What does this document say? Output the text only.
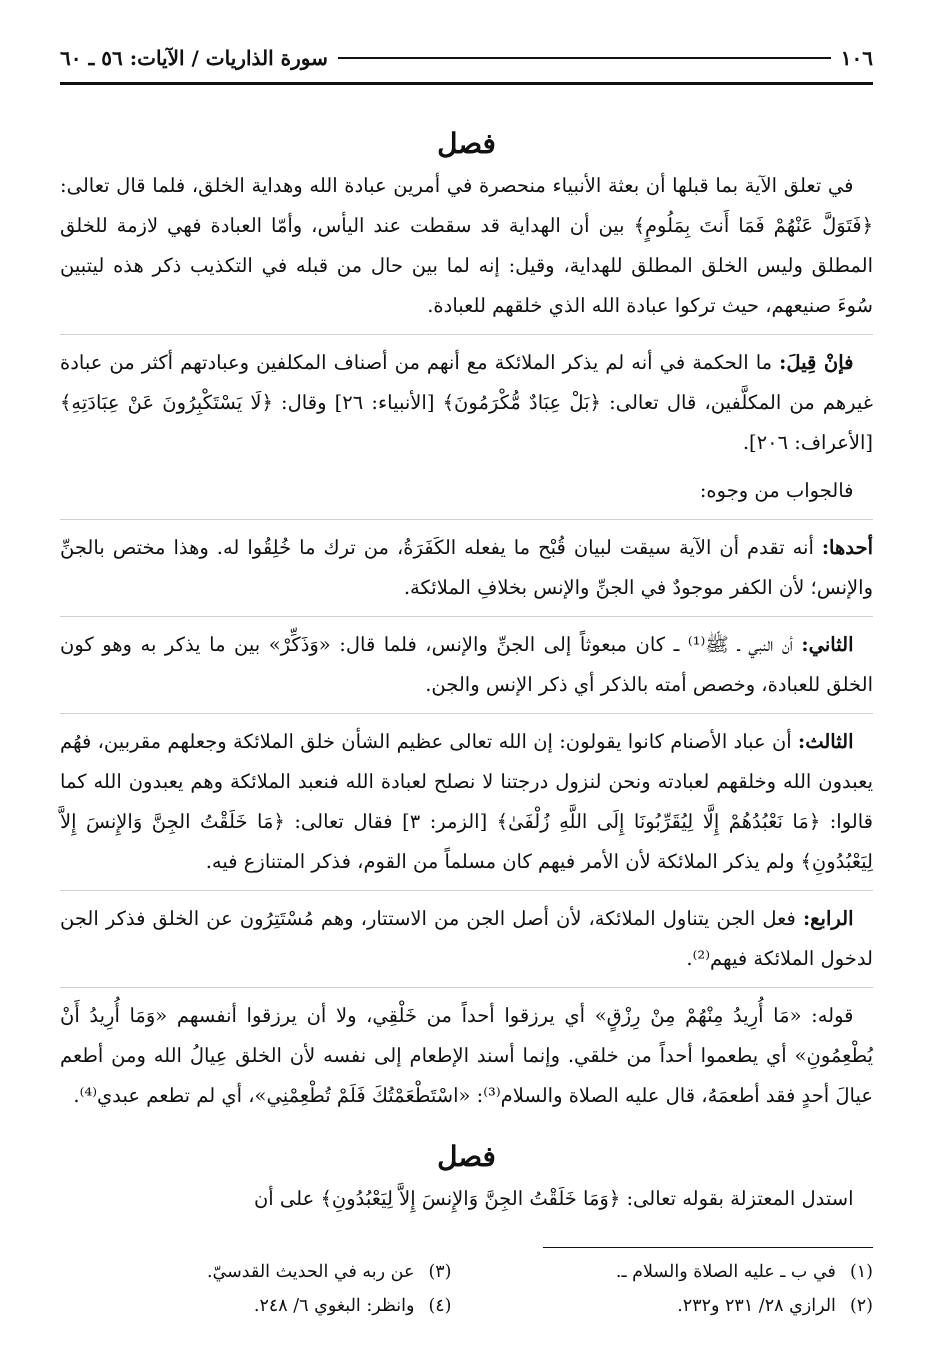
١٠٦
سورة الذاريات / الآيات: ٥٦ ـ ٦٠
فصل

في تعلق الآية بما قبلها أن بعثة الأنبياء منحصرة في أمرين عبادة الله وهداية الخلق، فلما قال تعالى: ﴿فَتَوَلَّ عَنْهُمْ فَمَا أَنتَ بِمَلُومٍ﴾ بين أن الهداية قد سقطت عند اليأس، وأمّا العبادة فهي لازمة للخلق المطلق وليس الخلق المطلق للهداية، وقيل: إنه لما بين حال من قبله في التكذيب ذكر هذه ليتبين سُوءَ صنيعهم، حيث تركوا عبادة الله الذي خلقهم للعبادة.

فإنْ قِيلَ: ما الحكمة في أنه لم يذكر الملائكة مع أنهم من أصناف المكلفين وعبادتهم أكثر من عبادة غيرهم من المكلَّفين، قال تعالى: ﴿بَلْ عِبَادٌ مُّكْرَمُونَ﴾ [الأنبياء: ٢٦] وقال: ﴿لَا يَسْتَكْبِرُونَ عَنْ عِبَادَتِهِ﴾ [الأعراف: ٢٠٦].

فالجواب من وجوه:

أحدها: أنه تقدم أن الآية سيقت لبيان قُبْح ما يفعله الكَفَرَةُ، من ترك ما خُلِقُوا له. وهذا مختص بالجنِّ والإنس؛ لأن الكفر موجودٌ في الجنِّ والإنس بخلافِ الملائكة.

الثاني: أن النبي ـ ﷺ⁽¹⁾ ـ كان مبعوثاً إلى الجنِّ والإنس، فلما قال: «وَذَكِّرْ» بين ما يذكر به وهو كون الخلق للعبادة، وخصص أمته بالذكر أي ذكر الإنس والجن.

الثالث: أن عباد الأصنام كانوا يقولون: إن الله تعالى عظيم الشأن خلق الملائكة وجعلهم مقربين، فهُم يعبدون الله وخلقهم لعبادته ونحن لنزول درجتنا لا نصلح لعبادة الله فنعبد الملائكة وهم يعبدون الله كما قالوا: ﴿مَا نَعْبُدُهُمْ إِلَّا لِيُقَرِّبُونَا إِلَى اللَّهِ زُلْفَىٰ﴾ [الزمر: ٣] فقال تعالى: ﴿مَا خَلَقْتُ الجِنَّ وَالإِنسَ إِلاَّ لِيَعْبُدُونِ﴾ ولم يذكر الملائكة لأن الأمر فيهم كان مسلماً من القوم، فذكر المتنازع فيه.

الرابع: فعل الجن يتناول الملائكة، لأن أصل الجن من الاستتار، وهم مُسْتَتِرُون عن الخلق فذكر الجن لدخول الملائكة فيهم⁽²⁾.

قوله: «مَا أُرِيدُ مِنْهُمْ مِنْ رِزْقٍ» أي يرزقوا أحداً من خَلْقِي، ولا أن يرزقوا أنفسهم «وَمَا أُرِيدُ أَنْ يُطْعِمُونِ» أي يطعموا أحداً من خلقي. وإنما أسند الإطعام إلى نفسه لأن الخلق عِيالُ الله ومن أطعم عيالَ أحدٍ فقد أطعمَهُ، قال عليه الصلاة والسلام⁽³⁾: «اسْتَطْعَمْتُكَ فَلَمْ تُطْعِمْنِي»، أي لم تطعم عبدي⁽⁴⁾.

فصل

استدل المعتزلة بقوله تعالى: ﴿وَمَا خَلَقْتُ الجِنَّ وَالإِنسَ إِلاَّ لِيَعْبُدُونِ﴾ على أن

(١)في ب ـ عليه الصلاة والسلام ـ.
(٣)عن ربه في الحديث القدسيّ.
(٢)الرازي ٢٨/ ٢٣١ و٢٣٢.
(٤)وانظر: البغوي ٦/ ٢٤٨.
